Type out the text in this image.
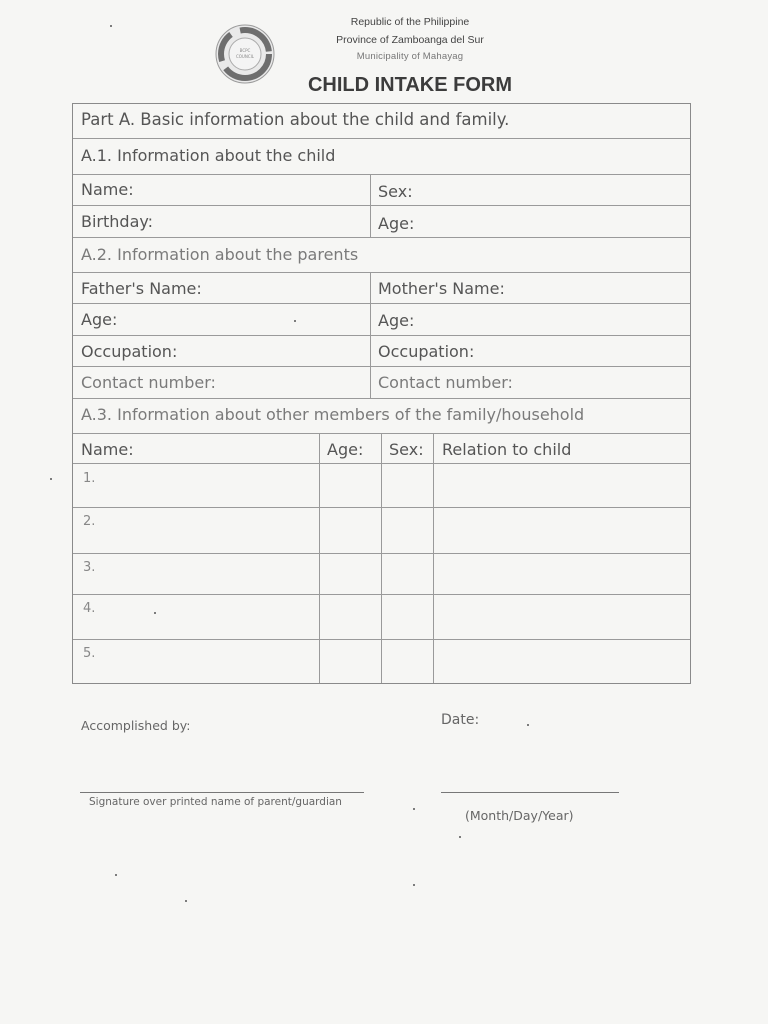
BCPC
COUNCIL
Republic of the Philippine
Province of Zamboanga del Sur
Municipality of Mahayag
CHILD INTAKE FORM
Part A. Basic information about the child and family.
A.1. Information about the child
Name:	Sex:
Birthday:	Age:
A.2. Information about the parents
Father's Name:	Mother's Name:
Age:	Age:
Occupation:	Occupation:
Contact number:	Contact number:
A.3. Information about other members of the family/household
Name:	Age: Sex: Relation to child
1.
2.
3.
4.
5.
Accomplished by:	Date:
Signature over printed name of parent/guardian
(Month/Day/Year)
